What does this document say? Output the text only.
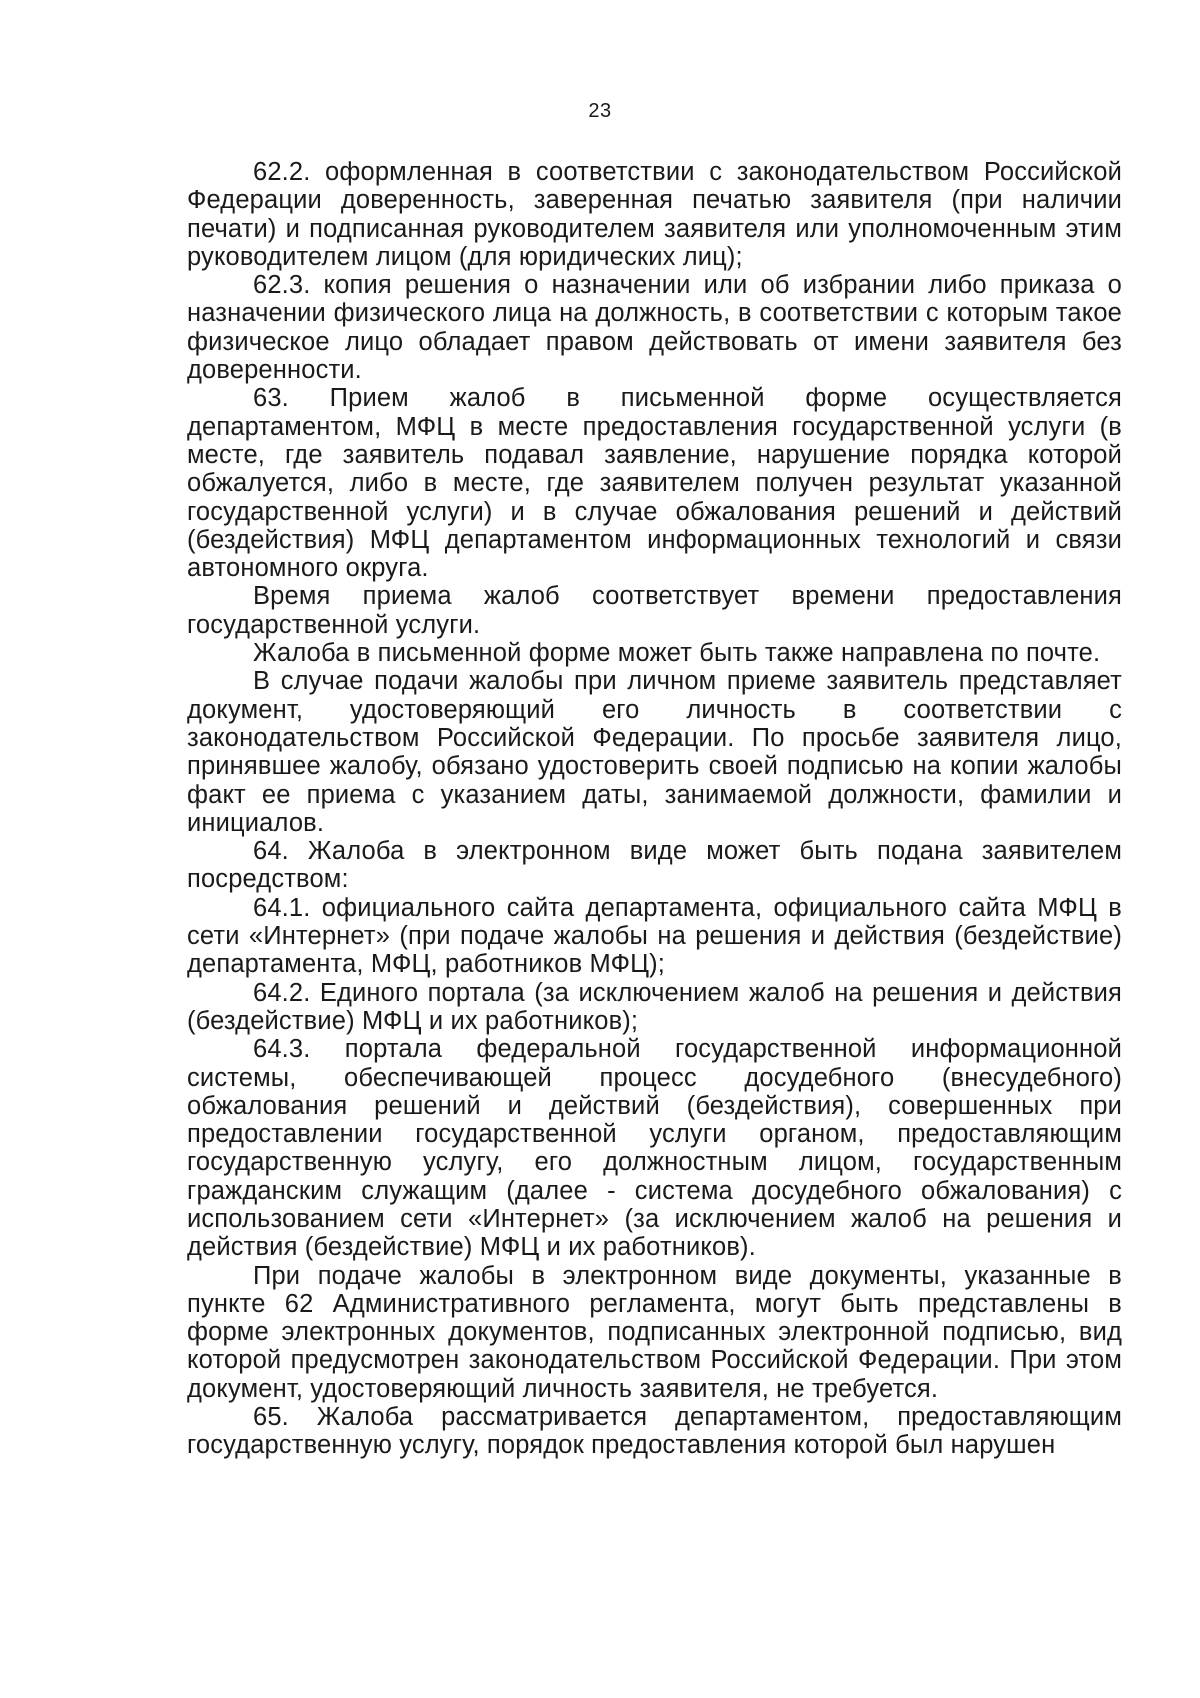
23

62.2. оформленная в соответствии с законодательством Российской Федерации доверенность, заверенная печатью заявителя (при наличии печати) и подписанная руководителем заявителя или уполномоченным этим руководителем лицом (для юридических лиц);

62.3. копия решения о назначении или об избрании либо приказа о назначении физического лица на должность, в соответствии с которым такое физическое лицо обладает правом действовать от имени заявителя без доверенности.

63. Прием жалоб в письменной форме осуществляется департаментом, МФЦ в месте предоставления государственной услуги (в месте, где заявитель подавал заявление, нарушение порядка которой обжалуется, либо в месте, где заявителем получен результат указанной государственной услуги) и в случае обжалования решений и действий (бездействия) МФЦ департаментом информационных технологий и связи автономного округа.

Время приема жалоб соответствует времени предоставления государственной услуги.

Жалоба в письменной форме может быть также направлена по почте.

В случае подачи жалобы при личном приеме заявитель представляет документ, удостоверяющий его личность в соответствии с законодательством Российской Федерации. По просьбе заявителя лицо, принявшее жалобу, обязано удостоверить своей подписью на копии жалобы факт ее приема с указанием даты, занимаемой должности, фамилии и инициалов.

64. Жалоба в электронном виде может быть подана заявителем посредством:

64.1. официального сайта департамента, официального сайта МФЦ в сети «Интернет» (при подаче жалобы на решения и действия (бездействие) департамента, МФЦ, работников МФЦ);

64.2. Единого портала (за исключением жалоб на решения и действия (бездействие) МФЦ и их работников);

64.3. портала федеральной государственной информационной системы, обеспечивающей процесс досудебного (внесудебного) обжалования решений и действий (бездействия), совершенных при предоставлении государственной услуги органом, предоставляющим государственную услугу, его должностным лицом, государственным гражданским служащим (далее - система досудебного обжалования) с использованием сети «Интернет» (за исключением жалоб на решения и действия (бездействие) МФЦ и их работников).

При подаче жалобы в электронном виде документы, указанные в пункте 62 Административного регламента, могут быть представлены в форме электронных документов, подписанных электронной подписью, вид которой предусмотрен законодательством Российской Федерации. При этом документ, удостоверяющий личность заявителя, не требуется.

65. Жалоба рассматривается департаментом, предоставляющим государственную услугу, порядок предоставления которой был нарушен
